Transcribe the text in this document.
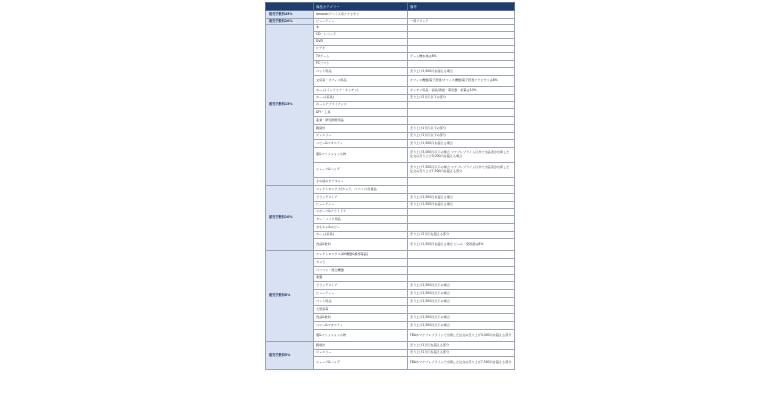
	商品カテゴリー	備考
販売手数料45%	Amazonデバイス用アクセサリ	
販売手数料20%	ビューティー	一部ブランド
販売手数料15%	本	
	CD・レコード	
	DVD	
	ビデオ	
	TVゲーム	ゲーム機本体は8%
	PCソフト	
	ペット用品	売り上げ1,500円を超える場合
	文房具・オフィス用品	オフィス機器/電子辞書/オフィス機器/電子辞書アクセサリは8%
	ホーム(インテリア・キッチン)	キッチン用品・家庭/清掃・電気器・家電は10%
	ホーム(家具)	売り上げ2万円以下の部分
	ホームアプライアンス	
	DIY・工具	
	産業・研究開発用品	
	腕時計	売り上げ1万円以下の部分
	ジュエリー	売り上げ1万円以下の部分
	ベビー&マタニティ	売り上げ1,500円を超える場合
	服&ファッション小物	売り上げ3,000円以下の場合 マケプレプライム以外で出品者が出荷した注文の売り上げ3,000円を超える場合
	シューズ&バッグ	売り上げ7,500円以下の場合 マケプレプライム以外で出品者が出荷した注文の売り上げ7,500円を超える部分
	その他のカテゴリー	
販売手数料10%	エレクトロニクス(カメラ、パソコン)付属品	
	ドラッグストア	売り上げ1,500円を超える場合
	ビューティー	売り上げ1,500円を超える場合
	スポーツ&アウトドア	
	カー・バイク用品	
	おもちゃ&ホビー	
	ホーム(家具)	売り上げ2万円を超える部分
	食品&飲料	売り上げ1,500円を超える場合 ビール・発泡酒は8%
販売手数料8%	エレクトロニクス(AV機器&携帯電話)	
	カメラ	
	パソコン・周辺機器	
	楽器	
	ドラッグストア	売り上げ1,500円以下の場合
	ビューティー	売り上げ1,500円以下の場合
	ペット用品	売り上げ1,500円以下の場合
	大型家電	
	食品&飲料	売り上げ1,500円以下の場合
	ベビー&マタニティ	売り上げ1,500円以下の場合
	服&ファッション小物	FBAかマケプレプライムで出荷した注文の売り上げ3,000円を超える部分
販売手数料5%	腕時計	売り上げ1万円を超える部分
	ジュエリー	売り上げ1万円を超える部分
	シューズ&バッグ	FBAかマケプレプライムで出荷した注文の売り上げ7,500円を超える部分
